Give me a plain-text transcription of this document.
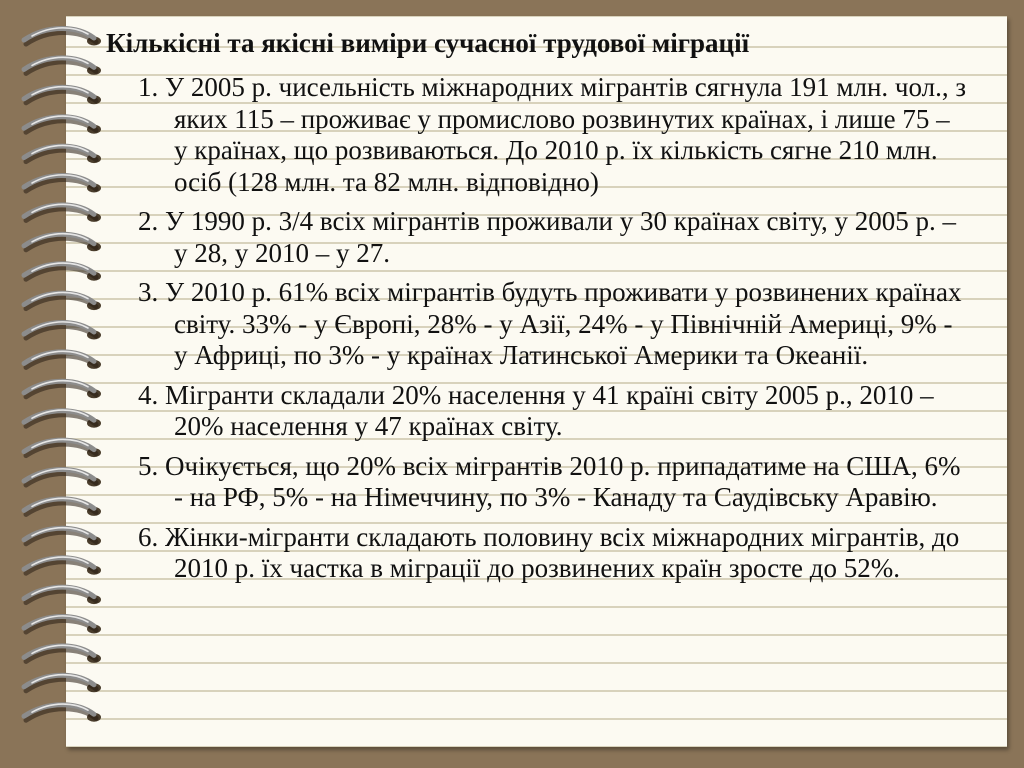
Кількісні та якісні виміри сучасної трудової міграції
1. У 2005 р. чисельність міжнародних мігрантів сягнула 191 млн. чол., з яких 115 – проживає у промислово розвинутих країнах, і лише 75 – у країнах, що розвиваються. До 2010 р. їх кількість сягне 210 млн. осіб (128 млн. та 82 млн. відповідно)
2. У 1990 р. 3/4 всіх мігрантів проживали у 30 країнах світу, у 2005 р. – у 28, у 2010 – у 27.
3. У 2010 р. 61% всіх мігрантів будуть проживати у розвинених країнах світу. 33% - у Європі, 28% - у Азії, 24% - у Північній Америці, 9% - у Африці, по 3% - у країнах Латинської Америки та Океанії.
4. Мігранти складали 20% населення у 41 країні світу 2005 р., 2010 – 20% населення у 47 країнах світу.
5. Очікується, що 20% всіх мігрантів 2010 р. припадатиме на США, 6% - на РФ, 5% - на Німеччину, по 3% - Канаду та Саудівську Аравію.
6. Жінки-мігранти складають половину всіх міжнародних мігрантів, до 2010 р. їх частка в міграції до розвинених країн зросте до 52%.
